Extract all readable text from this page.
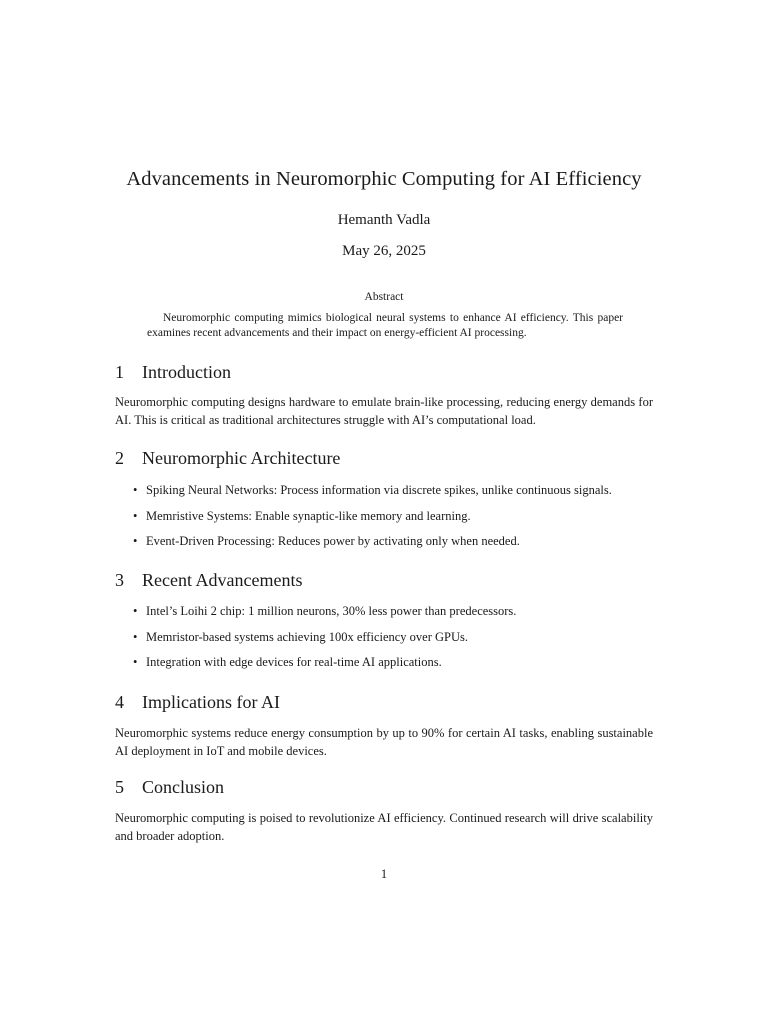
Advancements in Neuromorphic Computing for AI Efficiency
Hemanth Vadla
May 26, 2025
Abstract
Neuromorphic computing mimics biological neural systems to enhance AI efficiency. This paper examines recent advancements and their impact on energy-efficient AI processing.
1 Introduction
Neuromorphic computing designs hardware to emulate brain-like processing, reducing energy demands for AI. This is critical as traditional architectures struggle with AI’s computational load.
2 Neuromorphic Architecture
• Spiking Neural Networks: Process information via discrete spikes, unlike continuous signals.
• Memristive Systems: Enable synaptic-like memory and learning.
• Event-Driven Processing: Reduces power by activating only when needed.
3 Recent Advancements
• Intel’s Loihi 2 chip: 1 million neurons, 30% less power than predecessors.
• Memristor-based systems achieving 100x efficiency over GPUs.
• Integration with edge devices for real-time AI applications.
4 Implications for AI
Neuromorphic systems reduce energy consumption by up to 90% for certain AI tasks, enabling sustainable AI deployment in IoT and mobile devices.
5 Conclusion
Neuromorphic computing is poised to revolutionize AI efficiency. Continued research will drive scalability and broader adoption.
1
